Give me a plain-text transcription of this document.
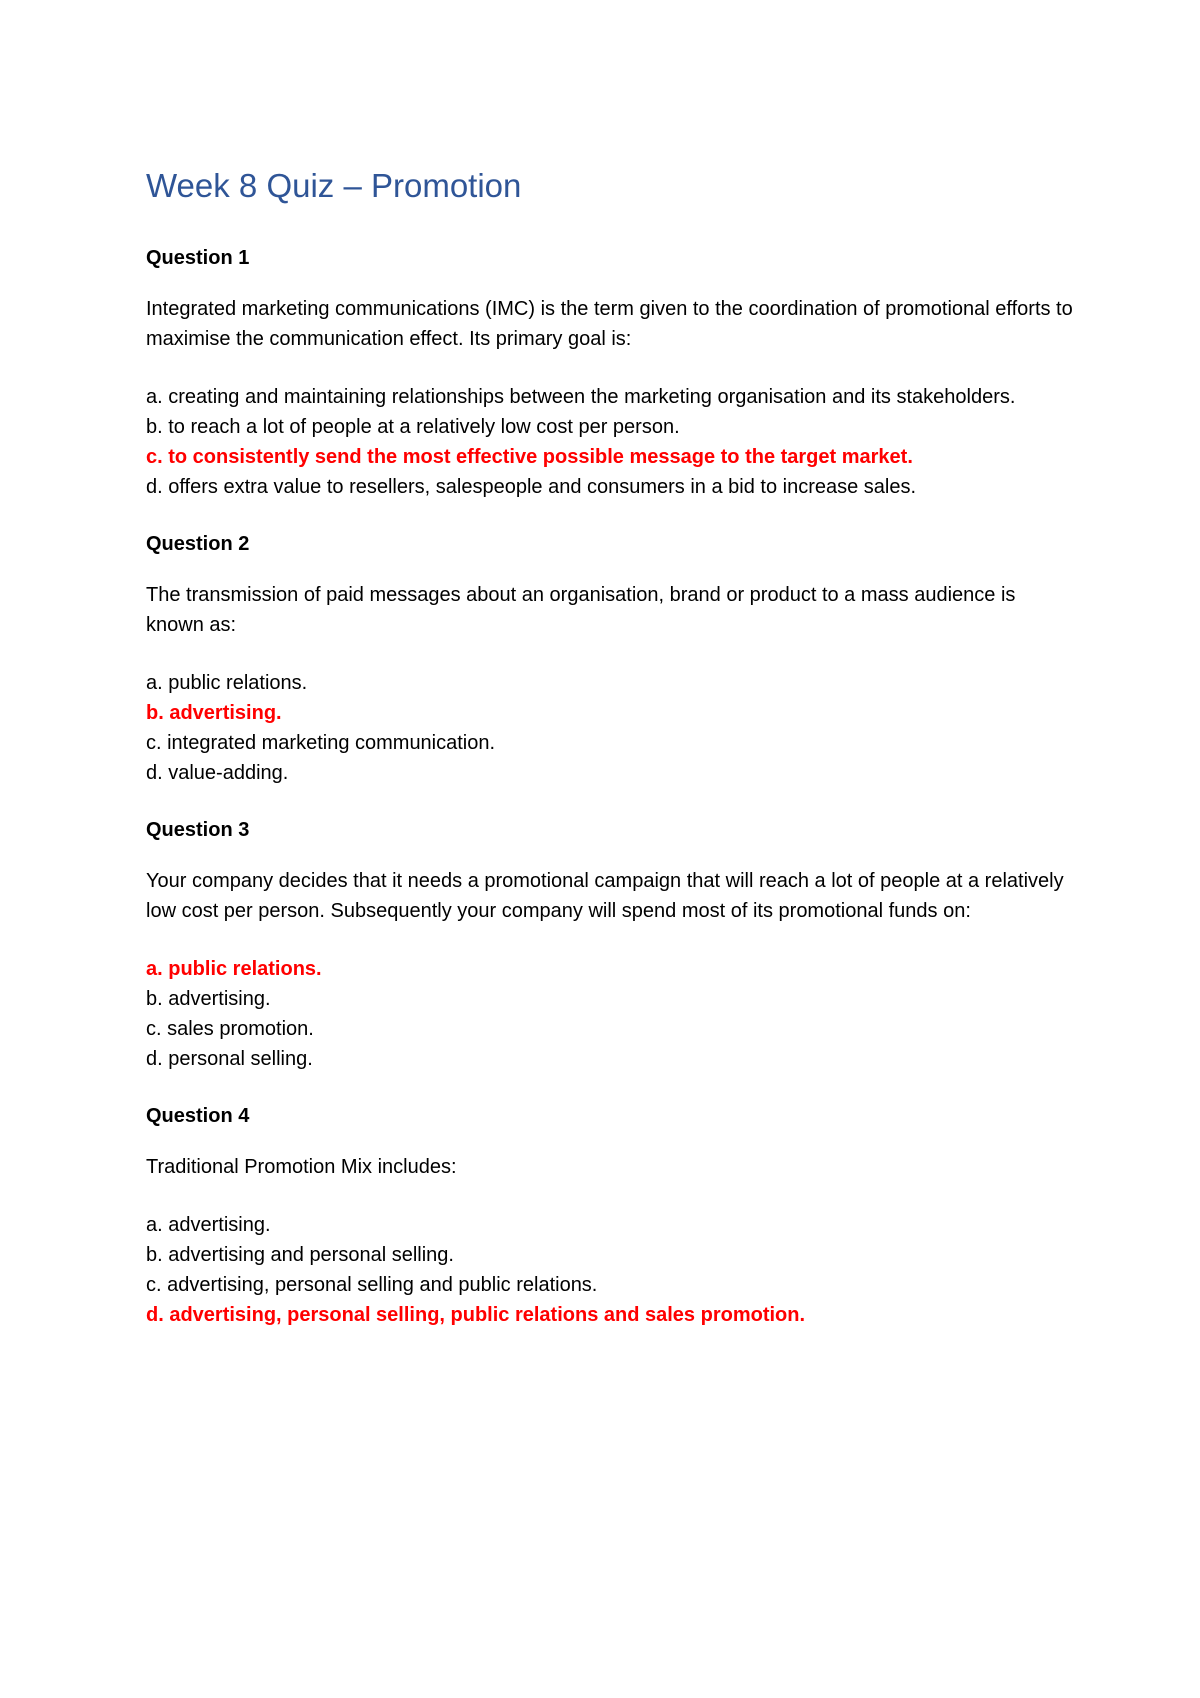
Week 8 Quiz – Promotion
Question 1
Integrated marketing communications (IMC) is the term given to the coordination of promotional efforts to maximise the communication effect. Its primary goal is:
a. creating and maintaining relationships between the marketing organisation and its stakeholders.
b. to reach a lot of people at a relatively low cost per person.
c. to consistently send the most effective possible message to the target market.
d. offers extra value to resellers, salespeople and consumers in a bid to increase sales.
Question 2
The transmission of paid messages about an organisation, brand or product to a mass audience is known as:
a. public relations.
b. advertising.
c. integrated marketing communication.
d. value-adding.
Question 3
Your company decides that it needs a promotional campaign that will reach a lot of people at a relatively low cost per person. Subsequently your company will spend most of its promotional funds on:
a. public relations.
b. advertising.
c. sales promotion.
d. personal selling.
Question 4
Traditional Promotion Mix includes:
a. advertising.
b. advertising and personal selling.
c. advertising, personal selling and public relations.
d. advertising, personal selling, public relations and sales promotion.
